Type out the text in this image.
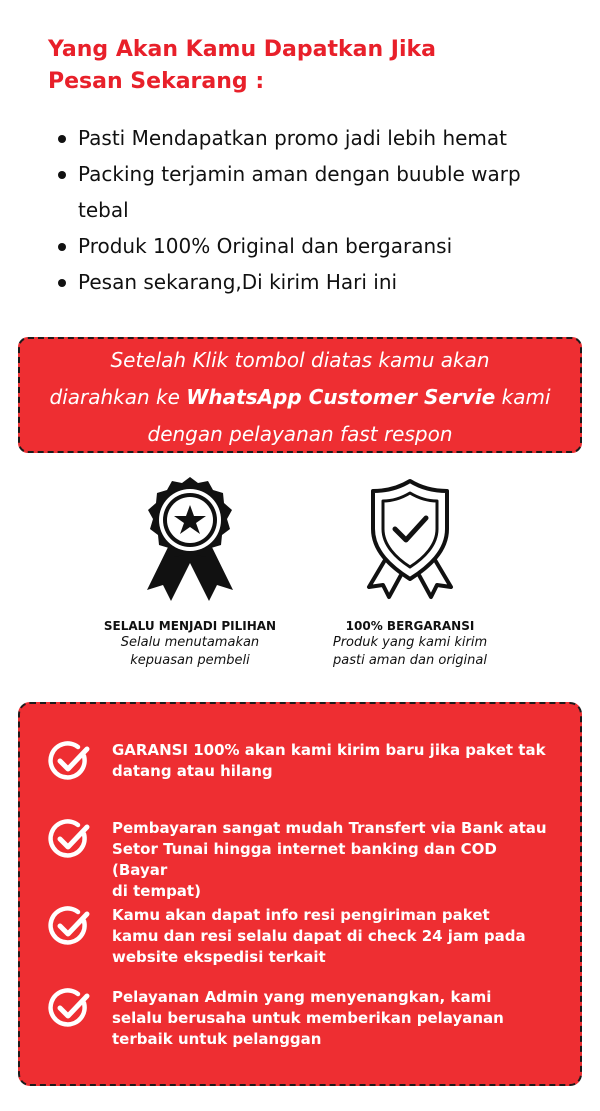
Yang Akan Kamu Dapatkan Jika
Pesan Sekarang :
Pasti Mendapatkan promo jadi lebih hemat
Packing terjamin aman dengan buuble warp tebal
Produk 100% Original dan bergaransi
Pesan sekarang,Di kirim Hari ini
Setelah Klik tombol diatas kamu akan
diarahkan ke WhatsApp Customer Servie kami
dengan pelayanan fast respon
SELALU MENJADI PILIHAN
Selalu menutamakan
kepuasan pembeli
100% BERGARANSI
Produk yang kami kirim
pasti aman dan original
GARANSI 100% akan kami kirim baru jika paket tak
datang atau hilang
Pembayaran sangat mudah Transfert via Bank atau
Setor Tunai hingga internet banking dan COD (Bayar
di tempat)
Kamu akan dapat info resi pengiriman paket
kamu dan resi selalu dapat di check 24 jam pada
website ekspedisi terkait
Pelayanan Admin yang menyenangkan, kami
selalu berusaha untuk memberikan pelayanan
terbaik untuk pelanggan
